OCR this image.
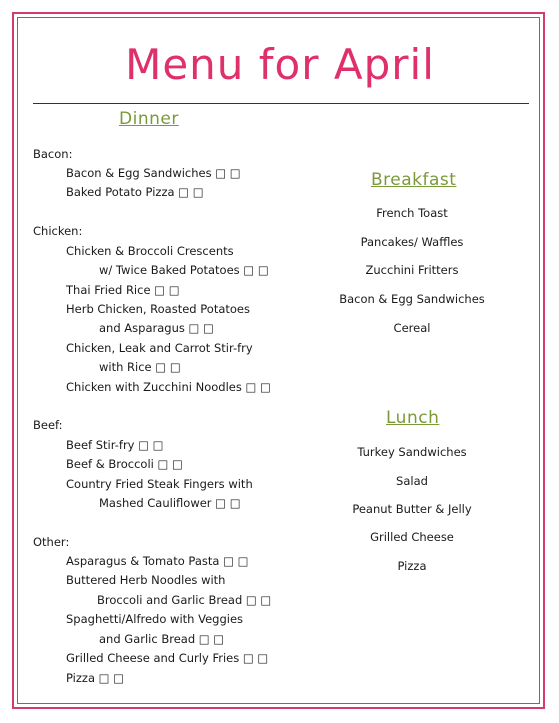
Menu for April
Dinner
Bacon:
Bacon & Egg Sandwiches □ □
Baked Potato Pizza □ □
Chicken:
Chicken & Broccoli Crescents
w/ Twice Baked Potatoes □ □
Thai Fried Rice □ □
Herb Chicken, Roasted Potatoes
and Asparagus □ □
Chicken, Leak and Carrot Stir-fry
with Rice □ □
Chicken with Zucchini Noodles □ □
Beef:
Beef Stir-fry □ □
Beef & Broccoli □ □
Country Fried Steak Fingers with
Mashed Cauliflower □ □
Other:
Asparagus & Tomato Pasta □ □
Buttered Herb Noodles with
Broccoli and Garlic Bread □ □
Spaghetti/Alfredo with Veggies
and Garlic Bread □ □
Grilled Cheese and Curly Fries □ □
Pizza □ □
Breakfast
French Toast
Pancakes/ Waffles
Zucchini Fritters
Bacon & Egg Sandwiches
Cereal
Lunch
Turkey Sandwiches
Salad
Peanut Butter & Jelly
Grilled Cheese
Pizza
